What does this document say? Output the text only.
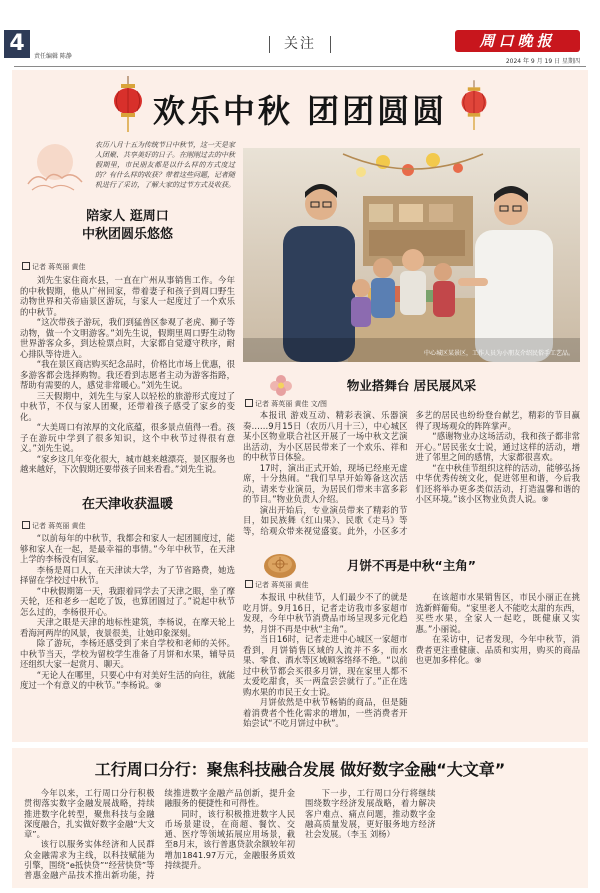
4
责任编辑 陈静
关注	周口晚报
2024 年 9 月 19 日 星期四
欢乐中秋 团团圆圆
农历八月十五为传统节日中秋节，这一天是家人团聚、共享美好的日子。在刚刚过去的中秋假期里，市民朋友都是以什么样的方式度过的？有什么样的收获？带着这些问题，记者随机进行了采访，了解大家的过节方式及收获。
陪家人 逛周口
中秋团圆乐悠悠
记者 蒋英丽 黄佳

刘先生家住商水县，一直在广州从事销售工作。今年的中秋假期，他从广州回家，带着妻子和孩子到周口野生动物世界和关帝庙景区游玩，与家人一起度过了一个欢乐的中秋节。

“这次带孩子游玩，我们到猛兽区参观了老虎、狮子等动物，做一个文明游客。”刘先生说，假期里周口野生动物世界游客众多，到达检票点时，大家都自觉遵守秩序，耐心排队等待进入。

“我在景区商店购买纪念品时，价格比市场上优惠，很多游客都会选择购物。我还看到志愿者主动为游客指路，帮助有需要的人，感觉非常暖心。”刘先生说。

三天假期中，刘先生与家人以轻松的旅游形式度过了中秋节，不仅与家人团聚，还带着孩子感受了家乡的变化。

“大美周口有浓厚的文化底蕴，很多景点值得一看。孩子在游玩中学到了很多知识，这个中秋节过得很有意义。”刘先生说。

“家乡这几年变化很大，城市越来越漂亮，景区服务也越来越好，下次假期还要带孩子回来看看。”刘先生说。

在天津收获温暖
记者 蒋英丽 黄佳

“以前每年的中秋节，我都会和家人一起团圆度过，能够和家人在一起，是最幸福的事情。”今年中秋节，在天津上学的李杨没有回家。

李杨是周口人，在天津读大学，为了节省路费，她选择留在学校过中秋节。

“中秋假期第一天，我跟着同学去了天津之眼，坐了摩天轮，还和老乡一起吃了饭，也算团圆过了。”说起中秋节怎么过的，李杨很开心。

天津之眼是天津的地标性建筑，李杨说，在摩天轮上看海河两岸的风景，夜景很美，让她印象深刻。

除了游玩，李杨还感受到了来自学校和老师的关怀。中秋节当天，学校为留校学生准备了月饼和水果，辅导员还组织大家一起赏月、聊天。

“无论人在哪里，只要心中有对美好生活的向往，就能度过一个有意义的中秋节。”李杨说。⑨

中心城区某景区，工作人员为小朋友介绍民俗手工艺品。
物业搭舞台 居民展风采
记者 蒋英丽 黄佳 文/图

本报讯 游戏互动、精彩表演、乐器演奏……9月15日（农历八月十三），中心城区某小区物业联合社区开展了一场中秋文艺演出活动，为小区居民带来了一个欢乐、祥和的中秋节日体验。

17时，演出正式开始，现场已经座无虚席，十分热闹。“我们早早开始筹备这次活动，请来专业演员，为居民们带来丰富多彩的节目。”物业负责人介绍。

演出开始后，专业演员带来了精彩的节目，如民族舞《红山果》、民歌《走马》等等，给观众带来视觉盛宴。此外，小区多才多艺的居民也纷纷登台献艺，精彩的节目赢得了现场观众的阵阵掌声。

“感谢物业办这场活动，我和孩子都非常开心。”居民张女士说，通过这样的活动，增进了邻里之间的感情，大家都很喜欢。

“在中秋佳节组织这样的活动，能够弘扬中华优秀传统文化，促进邻里和谐，今后我们还将举办更多类似活动，打造温馨和谐的小区环境。”该小区物业负责人说。⑨

月饼不再是中秋“主角”
记者 蒋英丽 黄佳

本报讯 中秋佳节，人们最少不了的就是吃月饼。9月16日，记者走访我市多家超市发现，今年中秋节消费品市场呈现多元化趋势，月饼不再是中秋“主角”。

当日16时，记者走进中心城区一家超市看到，月饼销售区域的人流并不多，而水果、零食、酒水等区域顾客络绎不绝。“以前过中秋节都会买很多月饼，现在家里人都不太爱吃甜食，买一两盒尝尝就行了。”正在选购水果的市民王女士说。

月饼依然是中秋节畅销的商品，但是随着消费者个性化需求的增加，一些消费者开始尝试“不吃月饼过中秋”。

在该超市水果销售区，市民小丽正在挑选新鲜葡萄。“家里老人不能吃太甜的东西，买些水果，全家人一起吃，既健康又实惠。”小丽说。

在采访中，记者发现，今年中秋节，消费者更注重健康、品质和实用，购买的商品也更加多样化。⑨

工行周口分行：聚焦科技融合发展 做好数字金融“大文章”

今年以来，工行周口分行积极贯彻落实数字金融发展战略，持续推进数字化转型，聚焦科技与金融深度融合，扎实做好数字金融“大文章”。

该行以服务实体经济和人民群众金融需求为主线，以科技赋能为引擎，围绕“e抵快贷”“经营快贷”等普惠金融产品技术推出新功能，持续推进数字金融产品创新，提升金融服务的便捷性和可得性。

同时，该行积极推进数字人民币场景建设，在商超、餐饮、交通、医疗等领域拓展应用场景，截至8月末，该行普惠贷款余额较年初增加1841.97万元，金融服务质效持续提升。

下一步，工行周口分行将继续围绕数字经济发展战略，着力解决客户难点、痛点问题，推动数字金融高质量发展，更好服务地方经济社会发展。（李玉 刘杨）
